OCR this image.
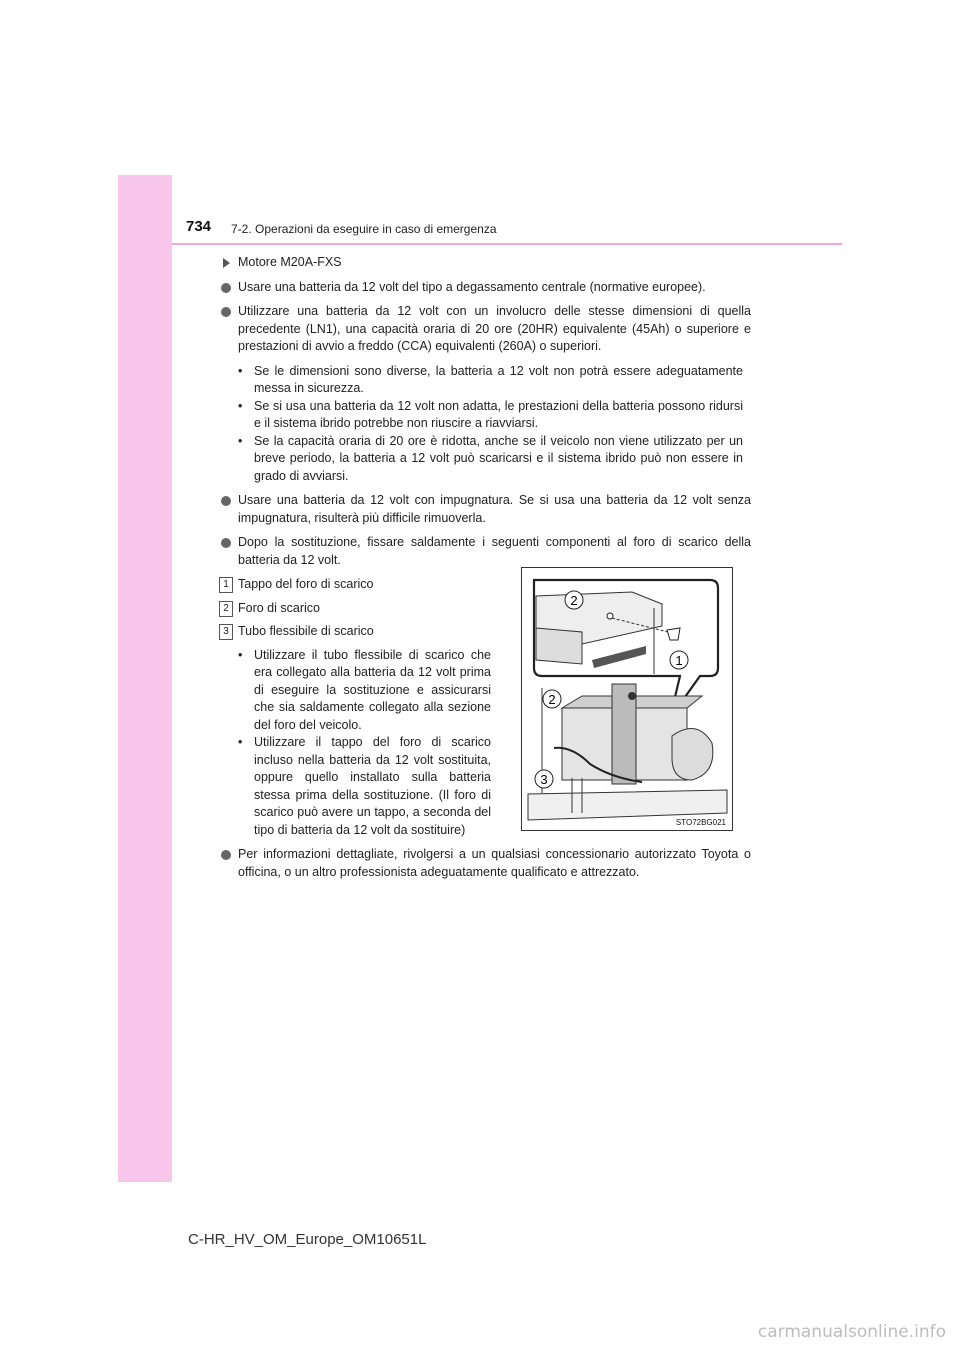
734 7-2. Operazioni da eseguire in caso di emergenza
Motore M20A-FXS
Usare una batteria da 12 volt del tipo a degassamento centrale (normative europee).
Utilizzare una batteria da 12 volt con un involucro delle stesse dimensioni di quella precedente (LN1), una capacità oraria di 20 ore (20HR) equivalente (45Ah) o superiore e prestazioni di avvio a freddo (CCA) equivalenti (260A) o superiori.
• Se le dimensioni sono diverse, la batteria a 12 volt non potrà essere adeguatamente messa in sicurezza.
• Se si usa una batteria da 12 volt non adatta, le prestazioni della batteria possono ridursi e il sistema ibrido potrebbe non riuscire a riavviarsi.
• Se la capacità oraria di 20 ore è ridotta, anche se il veicolo non viene utilizzato per un breve periodo, la batteria a 12 volt può scaricarsi e il sistema ibrido può non essere in grado di avviarsi.
Usare una batteria da 12 volt con impugnatura. Se si usa una batteria da 12 volt senza impugnatura, risulterà più difficile rimuoverla.
Dopo la sostituzione, fissare saldamente i seguenti componenti al foro di scarico della batteria da 12 volt.
1 Tappo del foro di scarico
2 Foro di scarico
3 Tubo flessibile di scarico
• Utilizzare il tubo flessibile di scarico che era collegato alla batteria da 12 volt prima di eseguire la sostituzione e assicurarsi che sia saldamente collegato alla sezione del foro del veicolo.
• Utilizzare il tappo del foro di scarico incluso nella batteria da 12 volt sostituita, oppure quello installato sulla batteria stessa prima della sostituzione. (Il foro di scarico può avere un tappo, a seconda del tipo di batteria da 12 volt da sostituire)
2
1
2
3
STO72BG021
Per informazioni dettagliate, rivolgersi a un qualsiasi concessionario autorizzato Toyota o officina, o un altro professionista adeguatamente qualificato e attrezzato.
C-HR_HV_OM_Europe_OM10651L
carmanualsonline.info
